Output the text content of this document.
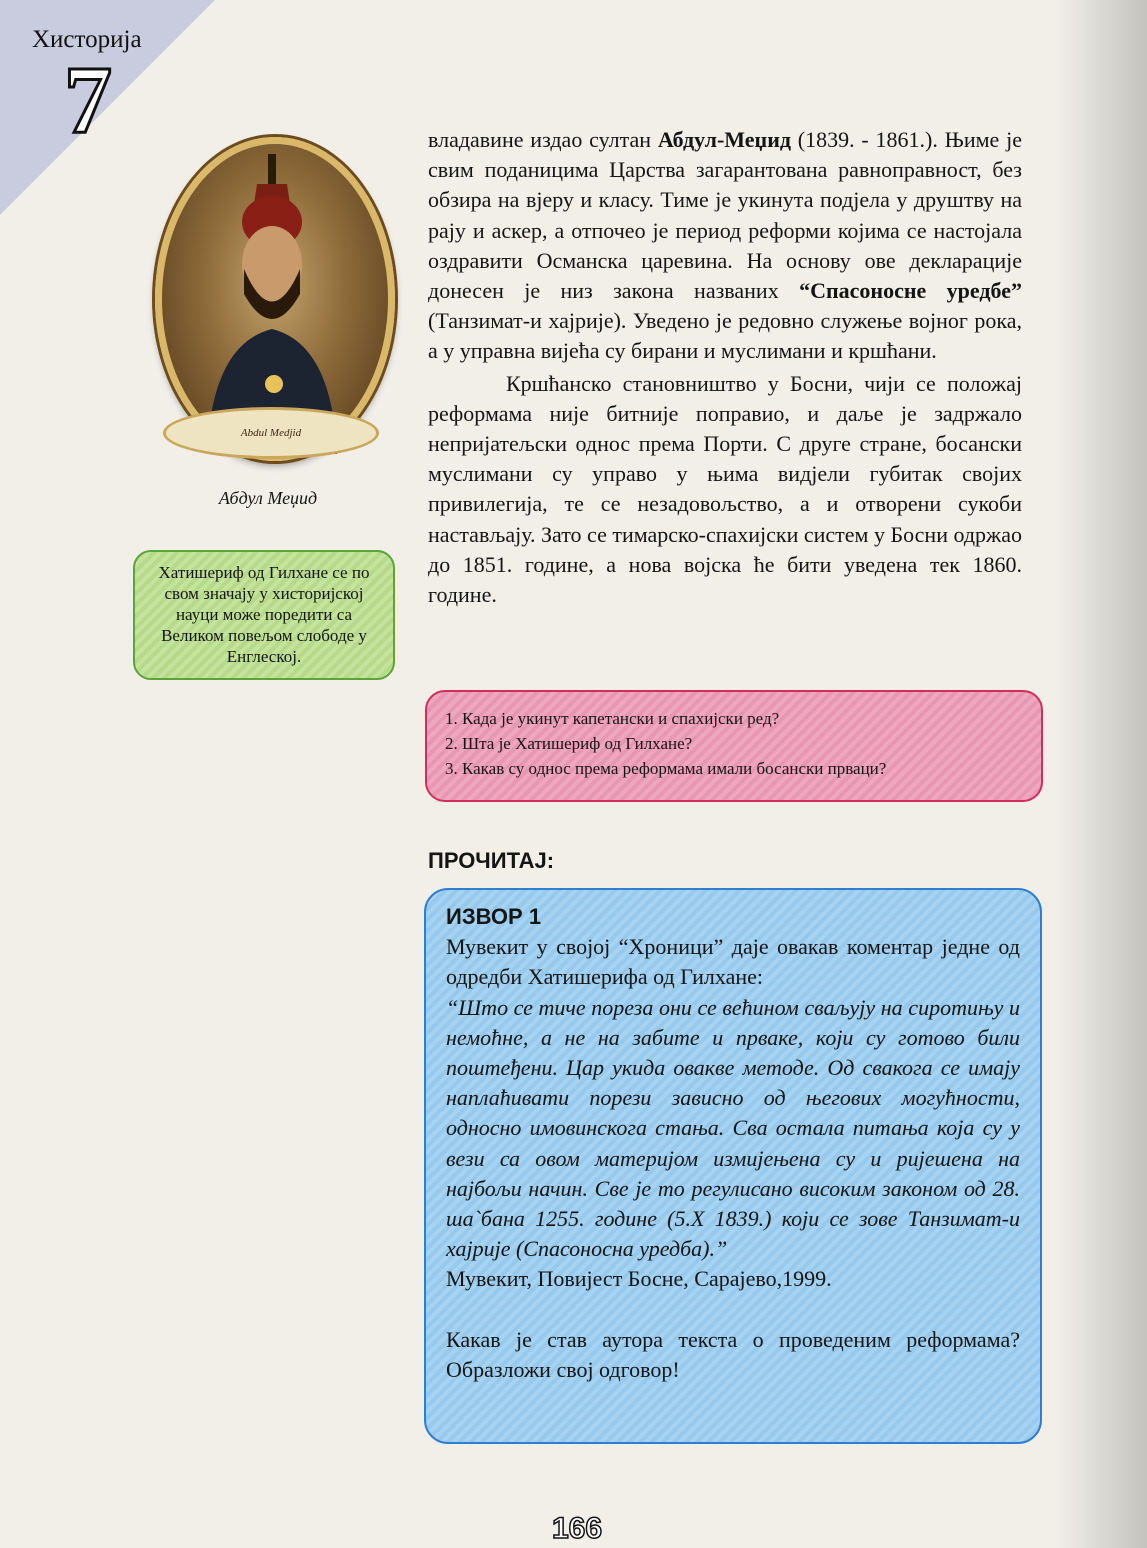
Хисторија
7
Abdul Medjid
Абдул Меџид
Хатишериф од Гилхане се по свом значају у хисторијској науци може поредити са Великом повељом слободе у Енглеској.

владавине издао султан Абдул-Меџид (1839. - 1861.). Њиме је свим поданицима Царства загарантована равноправност, без обзира на вјеру и класу. Тиме је укинута подјела у друштву на рају и аскер, а отпочео је период реформи којима се настојала оздравити Османска царевина. На основу ове декларације донесен је низ закона названих “Спасоносне уредбе” (Танзимат-и хајрије). Уведено је редовно служење војног рока, а у управна вијећа су бирани и муслимани и кршћани.

Кршћанско становништво у Босни, чији се положај реформама није битније поправио, и даље је задржало непријатељски однос према Порти. С друге стране, босански муслимани су управо у њима видјели губитак својих привилегија, те се незадовољство, а и отворени сукоби настављају. Зато се тимарско-спахијски систем у Босни одржао до 1851. године, а нова војска ће бити уведена тек 1860. године.

1. Када је укинут капетански и спахијски ред?
2. Шта је Хатишериф од Гилхане?
3. Какав су однос према реформама имали босански прваци?
ПРОЧИТАЈ:
ИЗВОР 1
Мувекит у својој “Хроници” даје овакав коментар једне од одредби Хатишерифа од Гилхане:
“Што се тиче пореза они се већином сваљују на сиротињу и немоћне, а не на забите и прваке, који су готово били поштеђени. Цар укида овакве методе. Од свакога се имају наплаћивати порези зависно од његових могућности, односно имовинскога стања. Сва остала питања која су у вези са овом материјом измијењена су и ријешена на најбољи начин. Све је то регулисано високим законом од 28. ша`бана 1255. године (5.X 1839.) који се зове Танзимат-и хајрије (Спасоносна уредба).”
Мувекит, Повијест Босне, Сарајево,1999.
Какав је став аутора текста о проведеним реформама? Образложи свој одговор!
166
